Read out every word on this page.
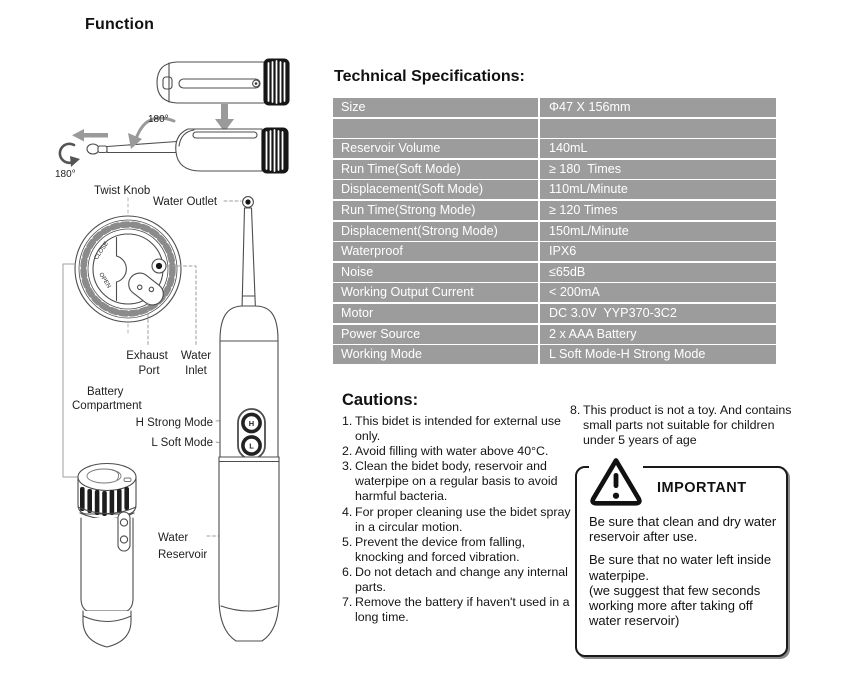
Function
CLOSE
OPEN
H
L
180°
180°
Twist Knob
Water Outlet
Exhaust
Port
Water
Inlet
Battery
Compartment
H Strong Mode
L Soft Mode
Water
Reservoir
Technical Specifications:
Size	Φ47 X 156mm
Reservoir Volume	140mL
Run Time(Soft Mode)	≥ 180  Times
Displacement(Soft Mode)	110mL/Minute
Run Time(Strong Mode)	≥ 120 Times
Displacement(Strong Mode)	150mL/Minute
Waterproof	IPX6
Noise	≤65dB
Working Output Current	< 200mA
Motor	DC 3.0V  YYP370-3C2
Power Source	2 x AAA Battery
Working Mode	L Soft Mode-H Strong Mode
Cautions:
1. This bidet is intended for external use only.
2. Avoid filling with water above 40°C.
3. Clean the bidet body, reservoir and waterpipe on a regular basis to avoid harmful bacteria.
4. For proper cleaning use the bidet spray in a circular motion.
5. Prevent the device from falling, knocking and forced vibration.
6. Do not detach and change any internal parts.
7. Remove the battery if haven't used in a long time.
8. This product is not a toy. And contains small parts not suitable for children under 5 years of age
IMPORTANT
Be sure that clean and dry water reservoir after use.
Be sure that no water left inside waterpipe.
(we suggest that few seconds working more after taking off water reservoir)
